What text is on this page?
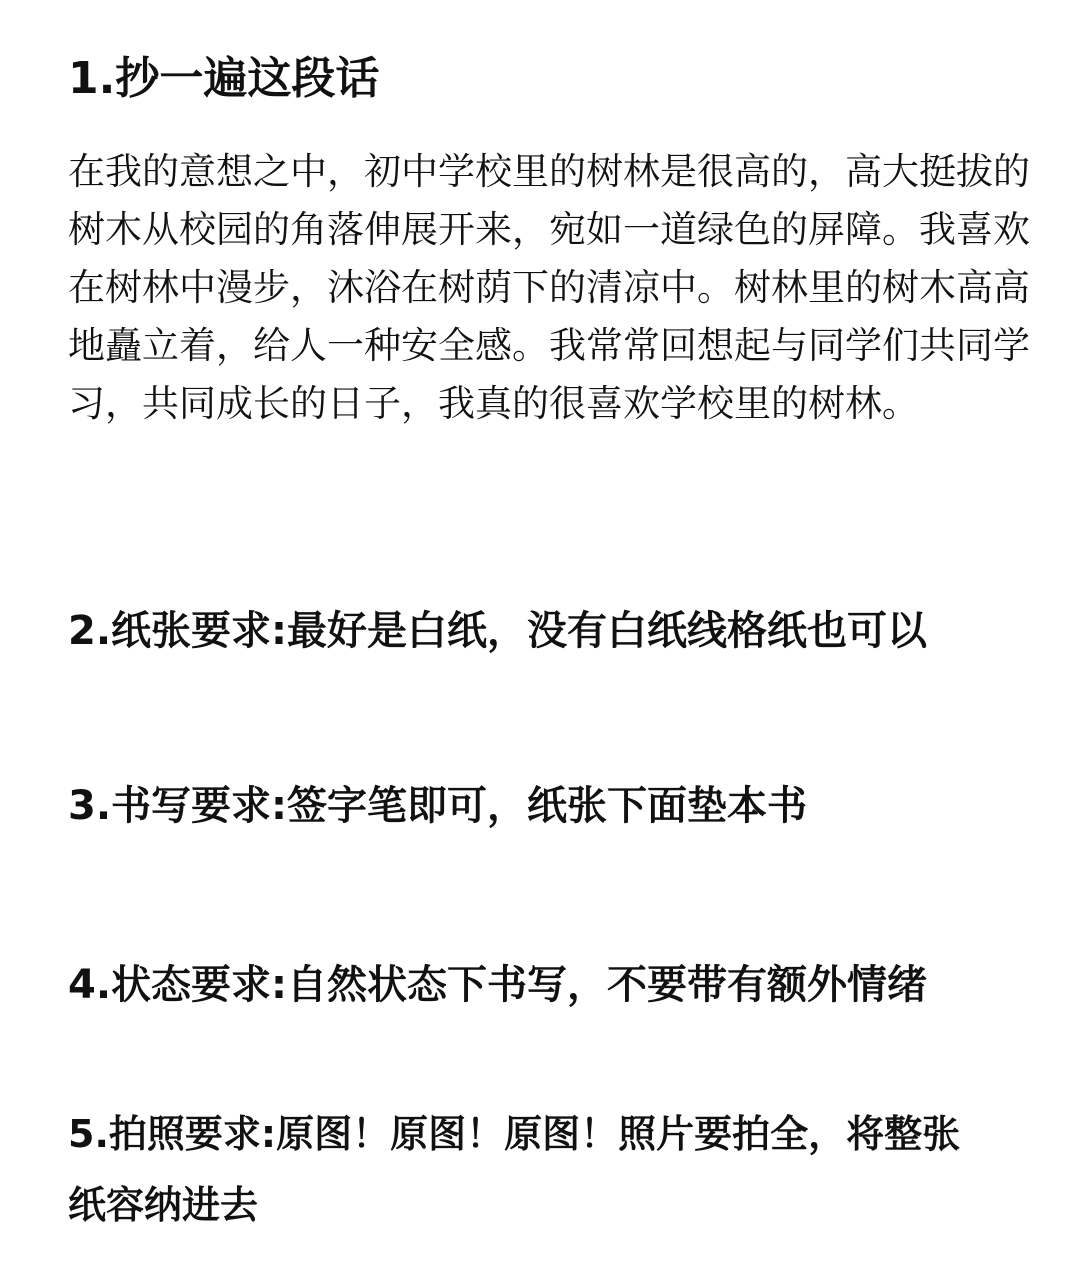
1.抄一遍这段话
在我的意想之中，初中学校里的树林是很高的，高大挺拔的
树木从校园的角落伸展开来，宛如一道绿色的屏障。我喜欢
在树林中漫步，沐浴在树荫下的清凉中。树林里的树木高高
地矗立着，给人一种安全感。我常常回想起与同学们共同学
习，共同成长的日子，我真的很喜欢学校里的树林。
2.纸张要求:最好是白纸，没有白纸线格纸也可以
3.书写要求:签字笔即可，纸张下面垫本书
4.状态要求:自然状态下书写，不要带有额外情绪
5.拍照要求:原图！原图！原图！照片要拍全，将整张
纸容纳进去
